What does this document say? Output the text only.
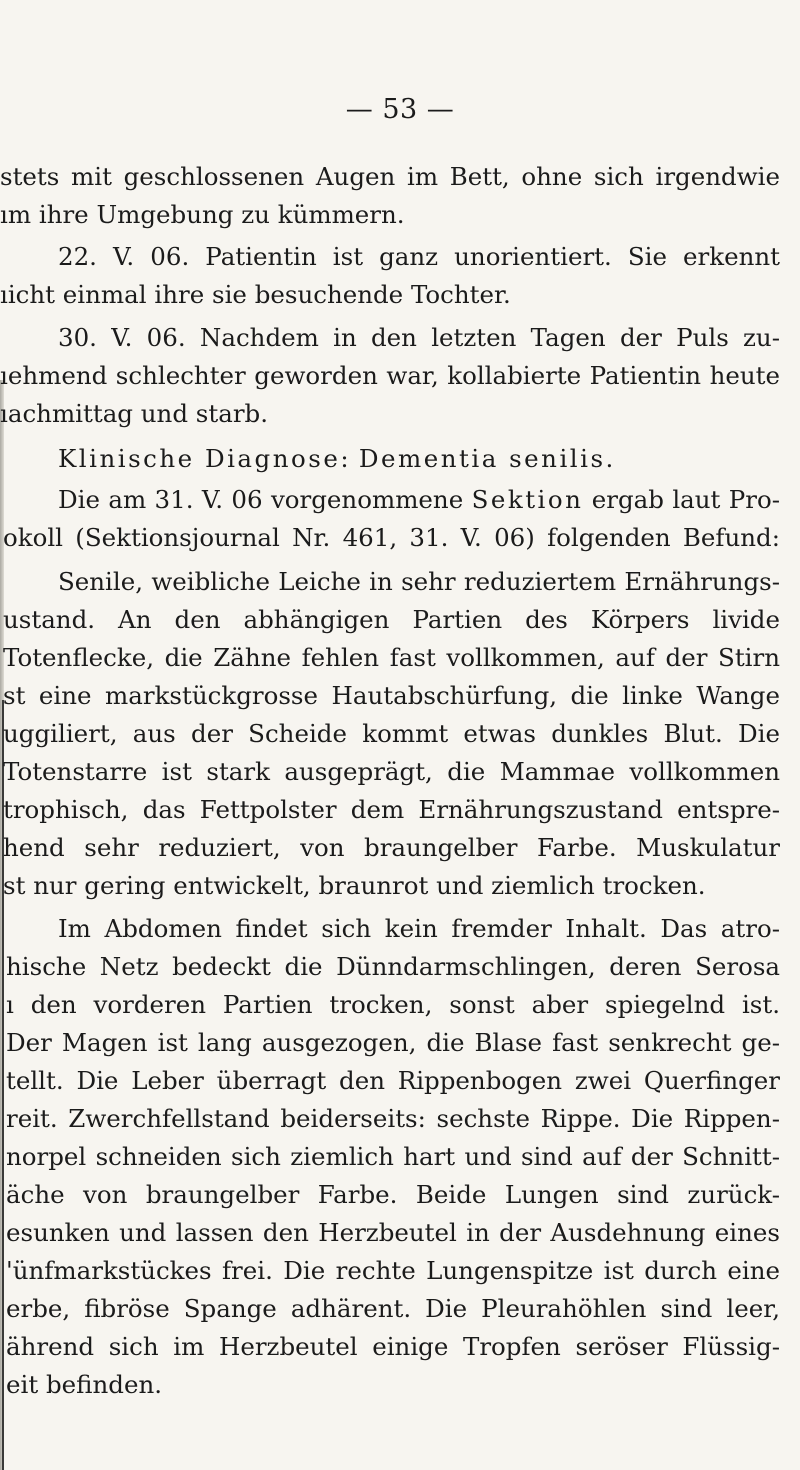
— 53 —
stets mit geschlossenen Augen im Bett, ohne sich irgendwie
ım ihre Umgebung zu kümmern.
22. V. 06. Patientin ist ganz unorientiert. Sie erkennt
ıicht einmal ihre sie besuchende Tochter.
30. V. 06. Nachdem in den letzten Tagen der Puls zu-
ıehmend schlechter geworden war, kollabierte Patientin heute
ıachmittag und starb.
Klinische Diagnose: Dementia senilis.
Die am 31. V. 06 vorgenommene Sektion ergab laut Pro-
okoll (Sektionsjournal Nr. 461, 31. V. 06) folgenden Befund:
Senile, weibliche Leiche in sehr reduziertem Ernährungs-
ustand. An den abhängigen Partien des Körpers livide
Totenflecke, die Zähne fehlen fast vollkommen, auf der Stirn
st eine markstückgrosse Hautabschürfung, die linke Wange
uggiliert, aus der Scheide kommt etwas dunkles Blut. Die
Totenstarre ist stark ausgeprägt, die Mammae vollkommen
trophisch, das Fettpolster dem Ernährungszustand entspre-
hend sehr reduziert, von braungelber Farbe. Muskulatur
st nur gering entwickelt, braunrot und ziemlich trocken.
Im Abdomen findet sich kein fremder Inhalt. Das atro-
hische Netz bedeckt die Dünndarmschlingen, deren Serosa
ı den vorderen Partien trocken, sonst aber spiegelnd ist.
Der Magen ist lang ausgezogen, die Blase fast senkrecht ge-
tellt. Die Leber überragt den Rippenbogen zwei Querfinger
reit. Zwerchfellstand beiderseits: sechste Rippe. Die Rippen-
norpel schneiden sich ziemlich hart und sind auf der Schnitt-
äche von braungelber Farbe. Beide Lungen sind zurück-
esunken und lassen den Herzbeutel in der Ausdehnung eines
'ünfmarkstückes frei. Die rechte Lungenspitze ist durch eine
erbe, fibröse Spange adhärent. Die Pleurahöhlen sind leer,
ährend sich im Herzbeutel einige Tropfen seröser Flüssig-
eit befinden.
